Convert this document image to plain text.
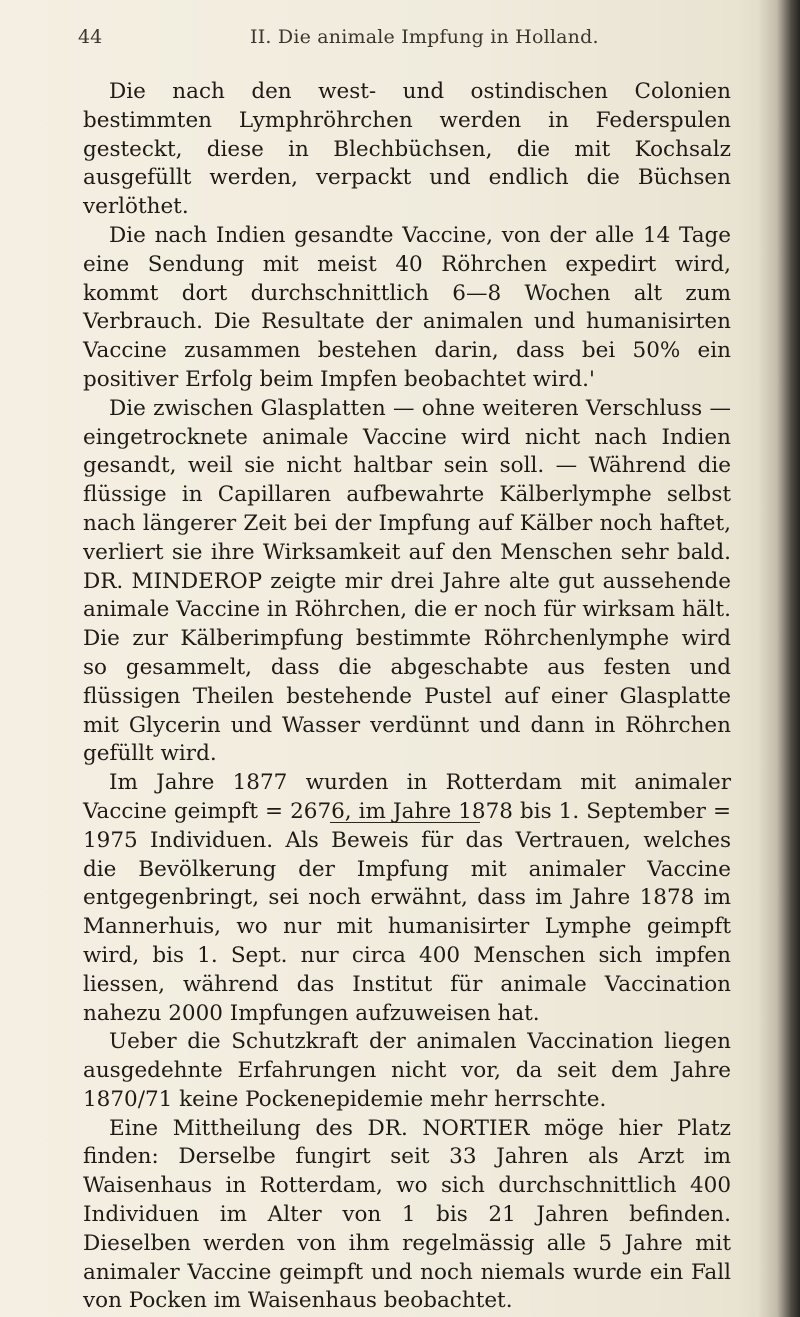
44	II. Die animale Impfung in Holland.

Die nach den west- und ostindischen Colonien bestimmten Lymphröhrchen werden in Federspulen gesteckt, diese in Blechbüchsen, die mit Kochsalz ausgefüllt werden, verpackt und endlich die Büchsen verlöthet.

Die nach Indien gesandte Vaccine, von der alle 14 Tage eine Sendung mit meist 40 Röhrchen expedirt wird, kommt dort durchschnittlich 6—8 Wochen alt zum Verbrauch. Die Resultate der animalen und humanisirten Vaccine zusammen bestehen darin, dass bei 50% ein positiver Erfolg beim Impfen beobachtet wird.'

Die zwischen Glasplatten — ohne weiteren Verschluss — eingetrocknete animale Vaccine wird nicht nach Indien gesandt, weil sie nicht haltbar sein soll. — Während die flüssige in Capillaren aufbewahrte Kälberlymphe selbst nach längerer Zeit bei der Impfung auf Kälber noch haftet, verliert sie ihre Wirksamkeit auf den Menschen sehr bald. DR. MINDEROP zeigte mir drei Jahre alte gut aussehende animale Vaccine in Röhrchen, die er noch für wirksam hält. Die zur Kälberimpfung bestimmte Röhrchenlymphe wird so gesammelt, dass die abgeschabte aus festen und flüssigen Theilen bestehende Pustel auf einer Glasplatte mit Glycerin und Wasser verdünnt und dann in Röhrchen gefüllt wird.

Im Jahre 1877 wurden in Rotterdam mit animaler Vaccine geimpft = 2676, im Jahre 1878 bis 1. September = 1975 Individuen. Als Beweis für das Vertrauen, welches die Bevölkerung der Impfung mit animaler Vaccine entgegenbringt, sei noch erwähnt, dass im Jahre 1878 im Mannerhuis, wo nur mit humanisirter Lymphe geimpft wird, bis 1. Sept. nur circa 400 Menschen sich impfen liessen, während das Institut für animale Vaccination nahezu 2000 Impfungen aufzuweisen hat.

Ueber die Schutzkraft der animalen Vaccination liegen ausgedehnte Erfahrungen nicht vor, da seit dem Jahre 1870/71 keine Pockenepidemie mehr herrschte.

Eine Mittheilung des DR. NORTIER möge hier Platz finden: Derselbe fungirt seit 33 Jahren als Arzt im Waisenhaus in Rotterdam, wo sich durchschnittlich 400 Individuen im Alter von 1 bis 21 Jahren befinden. Dieselben werden von ihm regelmässig alle 5 Jahre mit animaler Vaccine geimpft und noch niemals wurde ein Fall von Pocken im Waisenhaus beobachtet.
